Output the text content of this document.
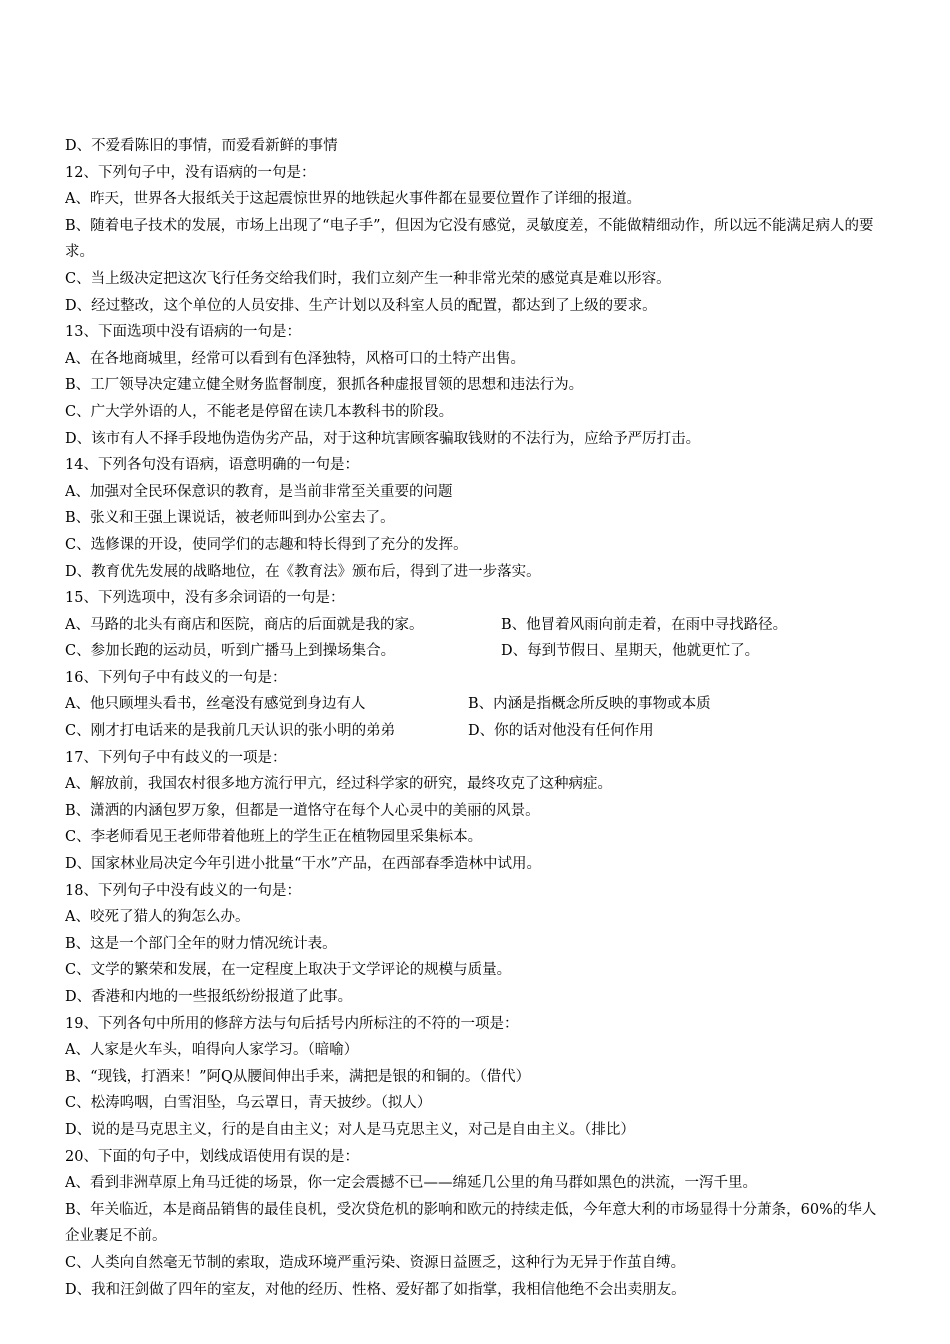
D、不爱看陈旧的事情，而爱看新鲜的事情
12、下列句子中，没有语病的一句是：
A、昨天，世界各大报纸关于这起震惊世界的地铁起火事件都在显要位置作了详细的报道。
B、随着电子技术的发展，市场上出现了“电子手”，但因为它没有感觉，灵敏度差，不能做精细动作，所以远不能满足病人的要求。
C、当上级决定把这次飞行任务交给我们时，我们立刻产生一种非常光荣的感觉真是难以形容。
D、经过整改，这个单位的人员安排、生产计划以及科室人员的配置，都达到了上级的要求。
13、下面选项中没有语病的一句是：
A、在各地商城里，经常可以看到有色泽独特，风格可口的土特产出售。
B、工厂领导决定建立健全财务监督制度，狠抓各种虚报冒领的思想和违法行为。
C、广大学外语的人，不能老是停留在读几本教科书的阶段。
D、该市有人不择手段地伪造伪劣产品，对于这种坑害顾客骗取钱财的不法行为，应给予严厉打击。
14、下列各句没有语病，语意明确的一句是：
A、加强对全民环保意识的教育，是当前非常至关重要的问题
B、张义和王强上课说话，被老师叫到办公室去了。
C、选修课的开设，使同学们的志趣和特长得到了充分的发挥。
D、教育优先发展的战略地位，在《教育法》颁布后，得到了进一步落实。
15、下列选项中，没有多余词语的一句是：
A、马路的北头有商店和医院，商店的后面就是我的家。	B、他冒着风雨向前走着，在雨中寻找路径。
C、参加长跑的运动员，听到广播马上到操场集合。	D、每到节假日、星期天，他就更忙了。
16、下列句子中有歧义的一句是：
A、他只顾埋头看书，丝毫没有感觉到身边有人	B、内涵是指概念所反映的事物或本质
C、刚才打电话来的是我前几天认识的张小明的弟弟	D、你的话对他没有任何作用
17、下列句子中有歧义的一项是：
A、解放前，我国农村很多地方流行甲亢，经过科学家的研究，最终攻克了这种病症。
B、潇洒的内涵包罗万象，但都是一道恪守在每个人心灵中的美丽的风景。
C、李老师看见王老师带着他班上的学生正在植物园里采集标本。
D、国家林业局决定今年引进小批量“干水”产品，在西部春季造林中试用。
18、下列句子中没有歧义的一句是：
A、咬死了猎人的狗怎么办。
B、这是一个部门全年的财力情况统计表。
C、文学的繁荣和发展，在一定程度上取决于文学评论的规模与质量。
D、香港和内地的一些报纸纷纷报道了此事。
19、下列各句中所用的修辞方法与句后括号内所标注的不符的一项是：
A、人家是火车头，咱得向人家学习。（暗喻）
B、“现钱，打酒来！”阿Q从腰间伸出手来，满把是银的和铜的。（借代）
C、松涛呜咽，白雪泪坠，乌云罩日，青天披纱。（拟人）
D、说的是马克思主义，行的是自由主义；对人是马克思主义，对己是自由主义。（排比）
20、下面的句子中，划线成语使用有误的是：
A、看到非洲草原上角马迁徙的场景，你一定会震撼不已——绵延几公里的角马群如黑色的洪流，一泻千里。
B、年关临近，本是商品销售的最佳良机，受次贷危机的影响和欧元的持续走低，今年意大利的市场显得十分萧条，60%的华人企业裹足不前。
C、人类向自然毫无节制的索取，造成环境严重污染、资源日益匮乏，这种行为无异于作茧自缚。
D、我和汪剑做了四年的室友，对他的经历、性格、爱好都了如指掌，我相信他绝不会出卖朋友。
